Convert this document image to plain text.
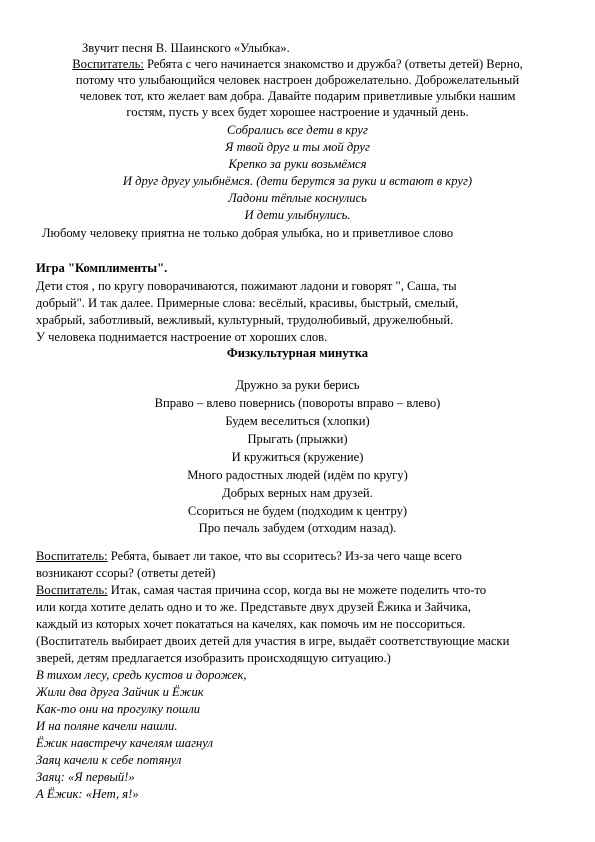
Звучит песня В. Шаинского «Улыбка».
Воспитатель: Ребята с чего начинается знакомство и дружба? (ответы детей) Верно,
потому что улыбающийся человек настроен доброжелательно. Доброжелательный
человек тот, кто желает вам добра. Давайте подарим приветливые улыбки нашим
гостям, пусть у всех будет хорошее настроение и удачный день.
Собрались все дети в круг
Я твой друг и ты мой друг
Крепко за руки возьмёмся
И друг другу улыбнёмся. (дети берутся за руки и встают в круг)
Ладони тёплые коснулись
И дети улыбнулись.
Любому человеку приятна не только добрая улыбка, но и приветливое слово
Игра "Комплименты".
Дети стоя , по кругу поворачиваются, пожимают ладони и говорят ", Саша, ты
добрый". И так далее. Примерные слова: весёлый, красивы, быстрый, смелый,
храбрый, заботливый, вежливый, культурный, трудолюбивый, дружелюбный.
У человека поднимается настроение от хороших слов.
Физкультурная минутка
Дружно за руки берись
Вправо – влево повернись (повороты вправо – влево)
Будем веселиться (хлопки)
Прыгать (прыжки)
И кружиться (кружение)
Много радостных людей (идём по кругу)
Добрых верных нам друзей.
Ссориться не будем (подходим к центру)
Про печаль забудем (отходим назад).
Воспитатель: Ребята, бывает ли такое, что вы ссоритесь? Из-за чего чаще всего
возникают ссоры? (ответы детей)
Воспитатель: Итак, самая частая причина ссор, когда вы не можете поделить что-то
или когда хотите делать одно и то же. Представьте двух друзей Ёжика и Зайчика,
каждый из которых хочет покататься на качелях, как помочь им не поссориться.
(Воспитатель выбирает двоих детей для участия в игре, выдаёт соответствующие маски
зверей, детям предлагается изобразить происходящую ситуацию.)
В тихом лесу, средь кустов и дорожек,
Жили два друга Зайчик и Ёжик
Как-то они на прогулку пошли
И на поляне качели нашли.
Ёжик навстречу качелям шагнул
Заяц качели к себе потянул
Заяц: «Я первый!»
А Ёжик: «Нет, я!»
